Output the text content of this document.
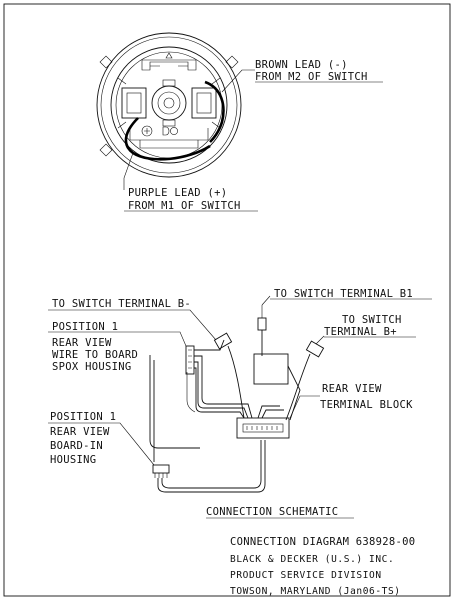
BROWN LEAD (-)
FROM M2 OF SWITCH
PURPLE LEAD (+)
FROM M1 OF SWITCH
TO SWITCH TERMINAL B-
TO SWITCH TERMINAL B1
TO SWITCH
TERMINAL B+
POSITION 1
REAR VIEW
WIRE TO BOARD
SPOX HOUSING
REAR VIEW
TERMINAL BLOCK
POSITION 1
REAR VIEW
BOARD-IN
HOUSING
CONNECTION SCHEMATIC
CONNECTION DIAGRAM 638928-00
BLACK & DECKER (U.S.) INC.
PRODUCT SERVICE DIVISION
TOWSON, MARYLAND (Jan06-TS)
